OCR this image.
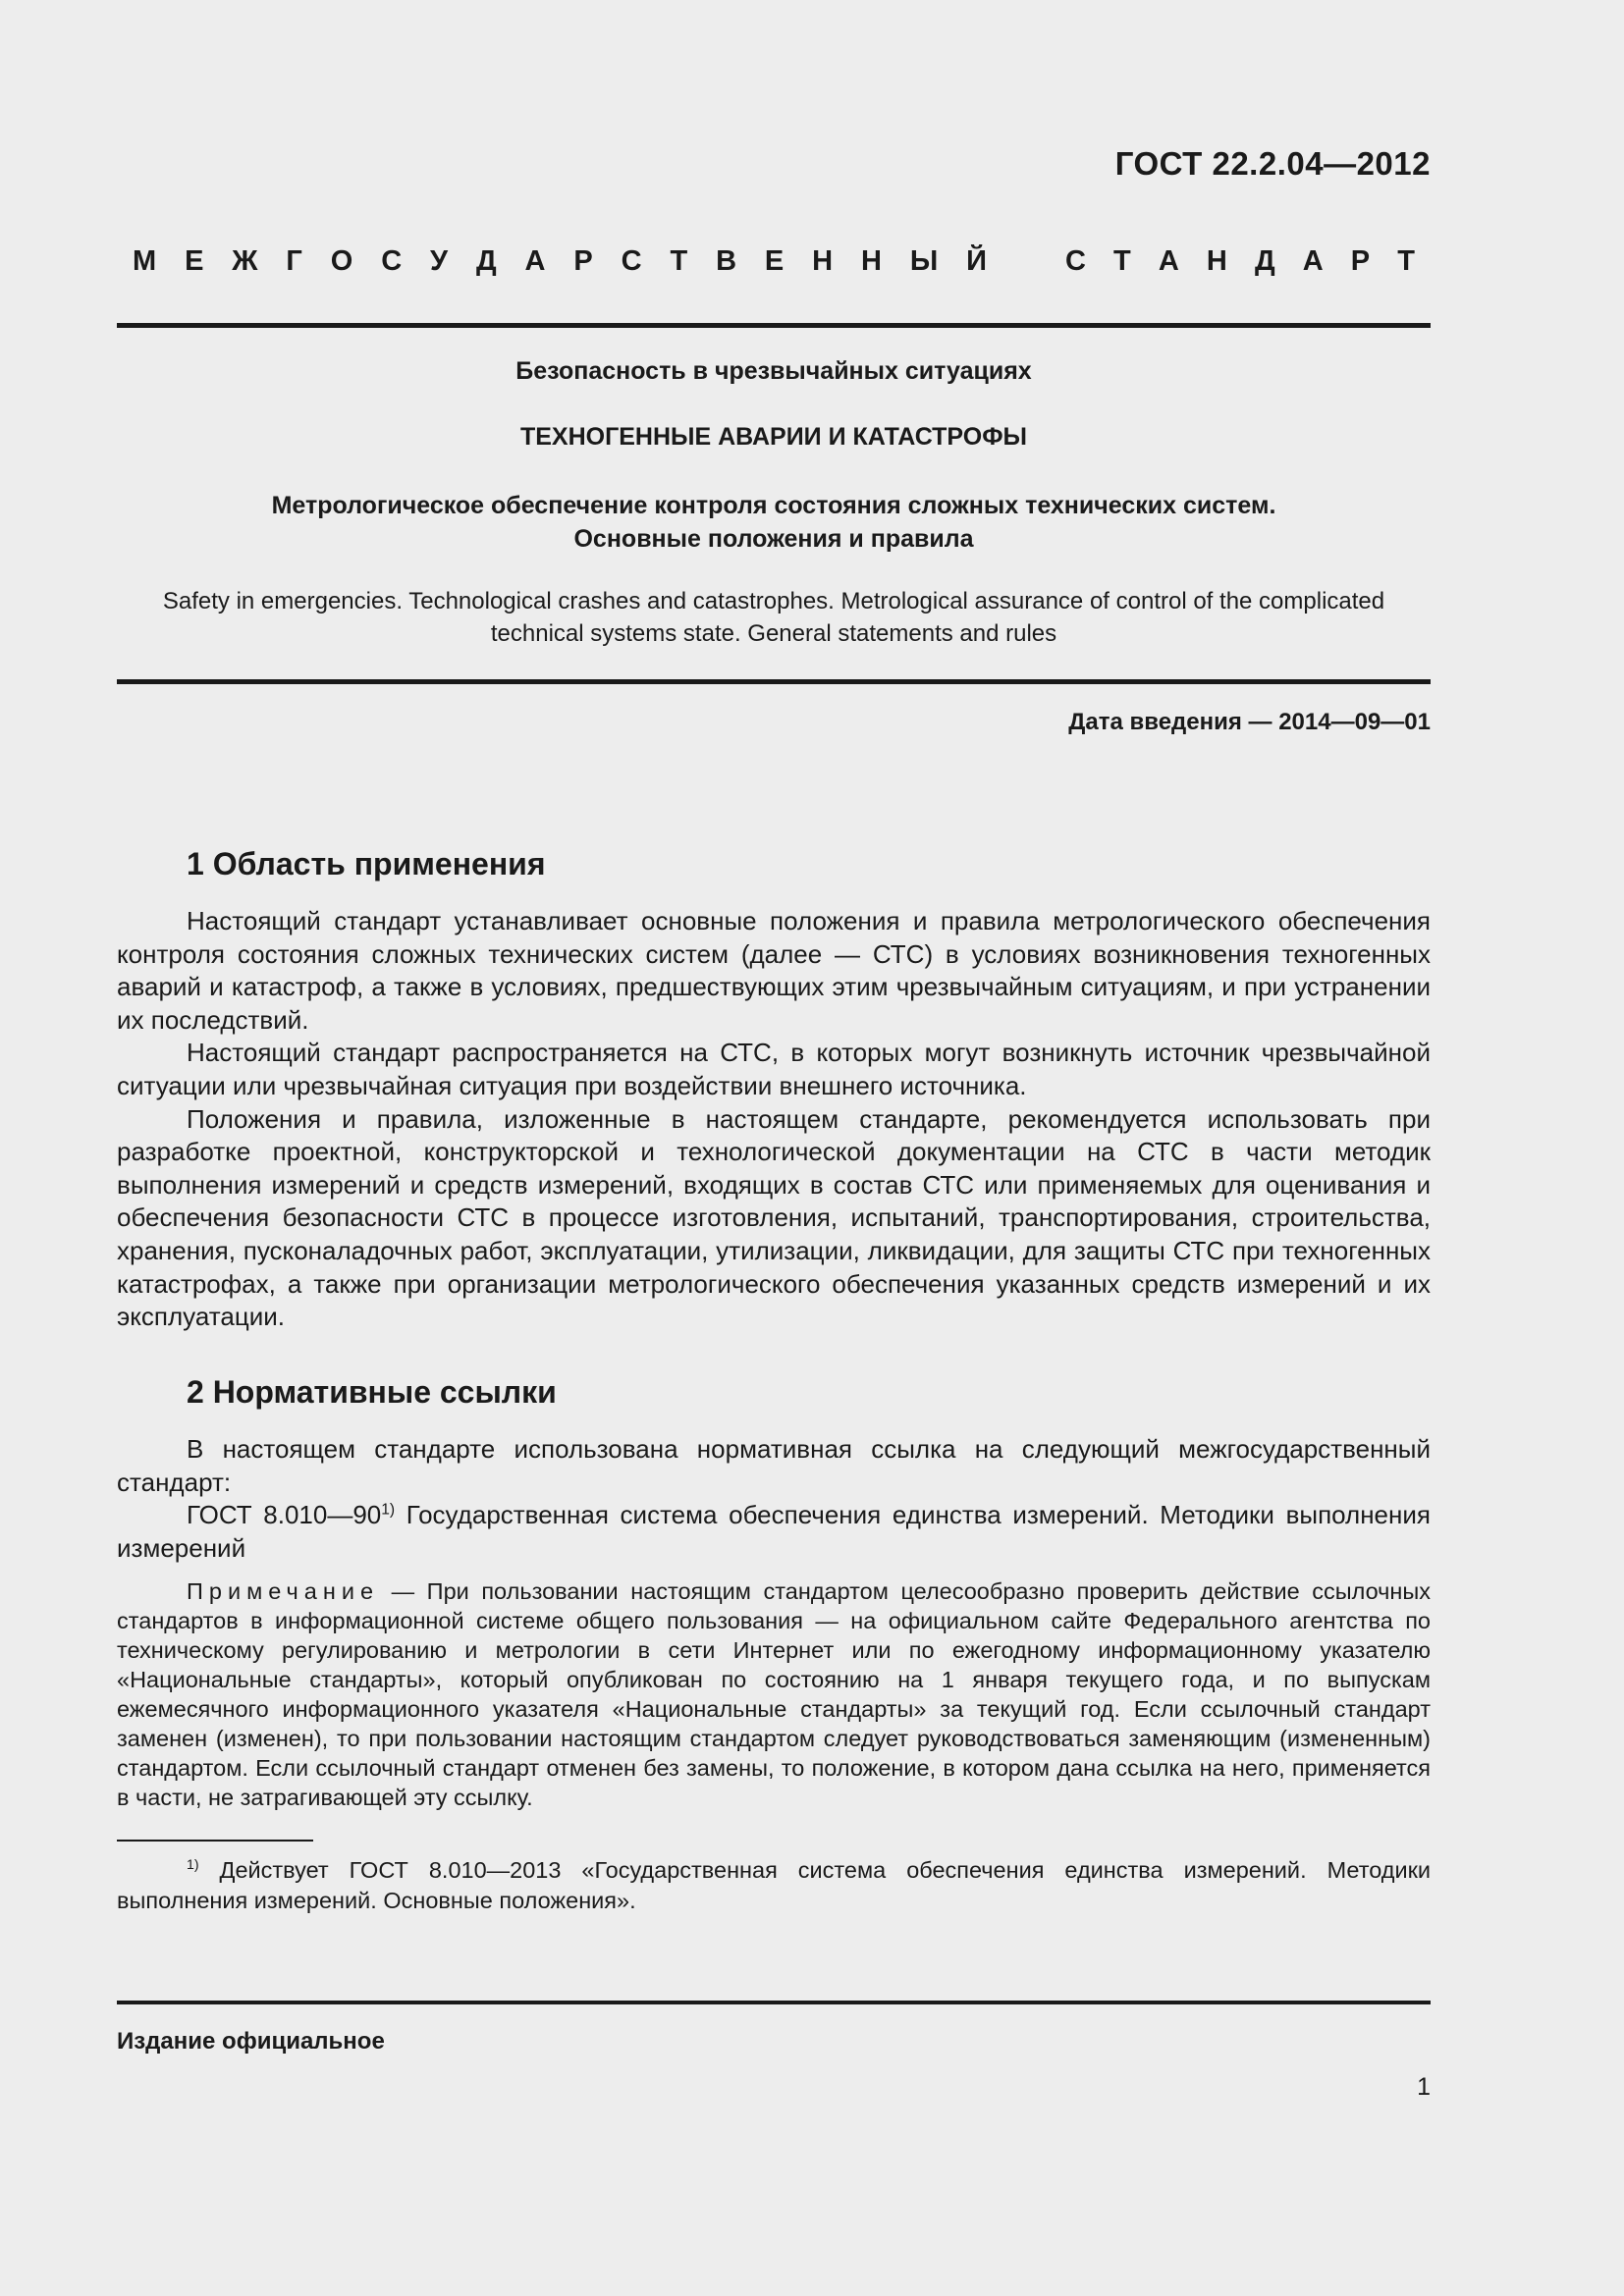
ГОСТ 22.2.04—2012
М Е Ж Г О С У Д А Р С Т В Е Н Н Ы Й	С Т А Н Д А Р Т
Безопасность в чрезвычайных ситуациях
ТЕХНОГЕННЫЕ АВАРИИ И КАТАСТРОФЫ
Метрологическое обеспечение контроля состояния сложных технических систем.
Основные положения и правила
Safety in emergencies. Technological crashes and catastrophes. Metrological assurance of control of the complicated
technical systems state. General statements and rules
Дата введения — 2014—09—01
1 Область применения

Настоящий стандарт устанавливает основные положения и правила метрологического обеспечения контроля состояния сложных технических систем (далее — СТС) в условиях возникновения техногенных аварий и катастроф, а также в условиях, предшествующих этим чрезвычайным ситуациям, и при устранении их последствий.

Настоящий стандарт распространяется на СТС, в которых могут возникнуть источник чрезвычайной ситуации или чрезвычайная ситуация при воздействии внешнего источника.

Положения и правила, изложенные в настоящем стандарте, рекомендуется использовать при разработке проектной, конструкторской и технологической документации на СТС в части методик выполнения измерений и средств измерений, входящих в состав СТС или применяемых для оценивания и обеспечения безопасности СТС в процессе изготовления, испытаний, транспортирования, строительства, хранения, пусконаладочных работ, эксплуатации, утилизации, ликвидации, для защиты СТС при техногенных катастрофах, а также при организации метрологического обеспечения указанных средств измерений и их эксплуатации.

2 Нормативные ссылки

В настоящем стандарте использована нормативная ссылка на следующий межгосударственный стандарт:

ГОСТ 8.010—90$^{1)}$ Государственная система обеспечения единства измерений. Методики выполнения измерений

Примечание — При пользовании настоящим стандартом целесообразно проверить действие ссылочных стандартов в информационной системе общего пользования — на официальном сайте Федерального агентства по техническому регулированию и метрологии в сети Интернет или по ежегодному информационному указателю «Национальные стандарты», который опубликован по состоянию на 1 января текущего года, и по выпускам ежемесячного информационного указателя «Национальные стандарты» за текущий год. Если ссылочный стандарт заменен (изменен), то при пользовании настоящим стандартом следует руководствоваться заменяющим (измененным) стандартом. Если ссылочный стандарт отменен без замены, то положение, в котором дана ссылка на него, применяется в части, не затрагивающей эту ссылку.

$^{1)}$ Действует ГОСТ 8.010—2013 «Государственная система обеспечения единства измерений. Методики выполнения измерений. Основные положения».

Издание официальное
1
